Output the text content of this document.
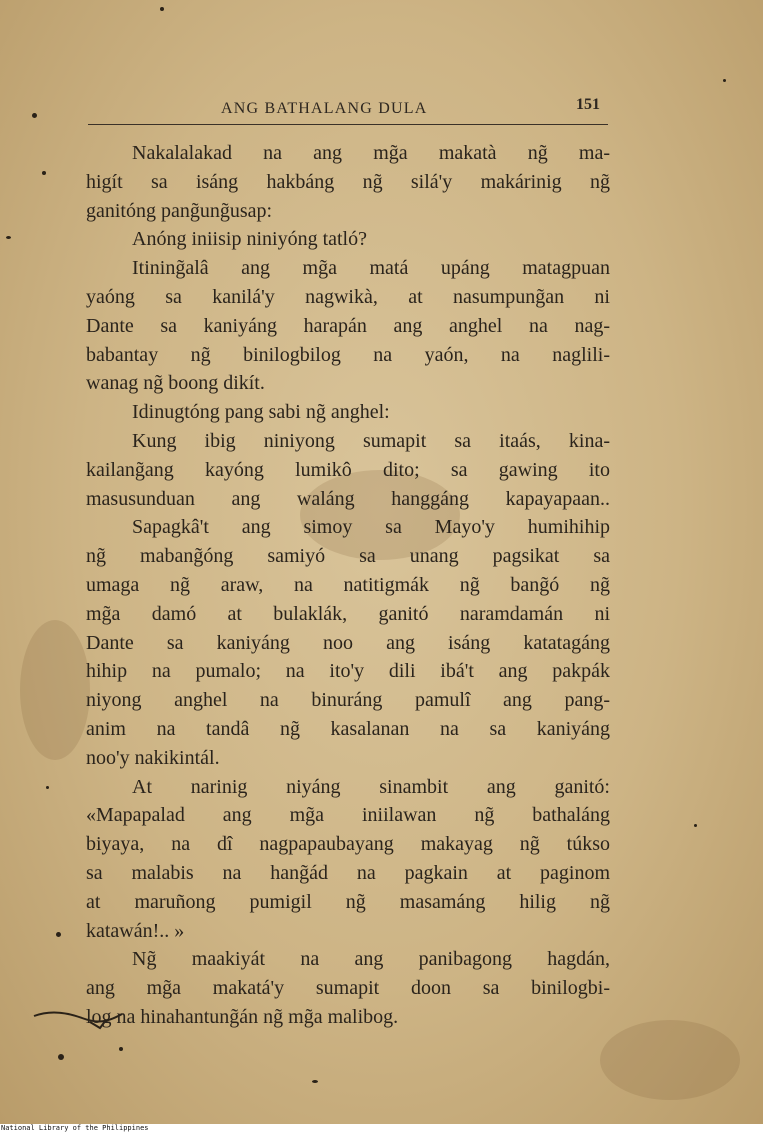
ANG BATHALANG DULA	151
Nakalalakad na ang mg̃a makatà ng̃ ma-
higít sa isáng hakbáng ng̃ silá'y makárinig ng̃
ganitóng pang̃ung̃usap:
Anóng iniisip niniyóng tatló?
Itining̃alâ ang mg̃a matá upáng matagpuan
yaóng sa kanilá'y nagwikà, at nasumpung̃an ni
Dante sa kaniyáng harapán ang anghel na nag-
babantay ng̃ binilogbilog na yaón, na naglili-
wanag ng̃ boong dikít.
Idinugtóng pang sabi ng̃ anghel:
Kung ibig niniyong sumapit sa itaás, kina-
kailang̃ang kayóng lumikô dito; sa gawing ito
masusunduan ang waláng hanggáng kapayapaan..
Sapagkâ't ang simoy sa Mayo'y humihihip
ng̃ mabang̃óng samiyó sa unang pagsikat sa
umaga ng̃ araw, na natitigmák ng̃ bang̃ó ng̃
mg̃a damó at bulaklák, ganitó naramdamán ni
Dante sa kaniyáng noo ang isáng katatagáng
hihip na pumalo; na ito'y dili ibá't ang pakpák
niyong anghel na binuráng pamulî ang pang-
anim na tandâ ng̃ kasalanan na sa kaniyáng
noo'y nakikintál.
At narinig niyáng sinambit ang ganitó:
«Mapapalad ang mg̃a iniilawan ng̃ bathaláng
biyaya, na dî nagpapaubayang makayag ng̃ túkso
sa malabis na hang̃ád na pagkain at paginom
at maruñong pumigil ng̃ masamáng hilig ng̃
katawán!.. »
Ng̃ maakiyát na ang panibagong hagdán,
ang mg̃a makatá'y sumapit doon sa binilogbi-
log na hinahantung̃án ng̃ mg̃a malibog.
National Library of the Philippines
